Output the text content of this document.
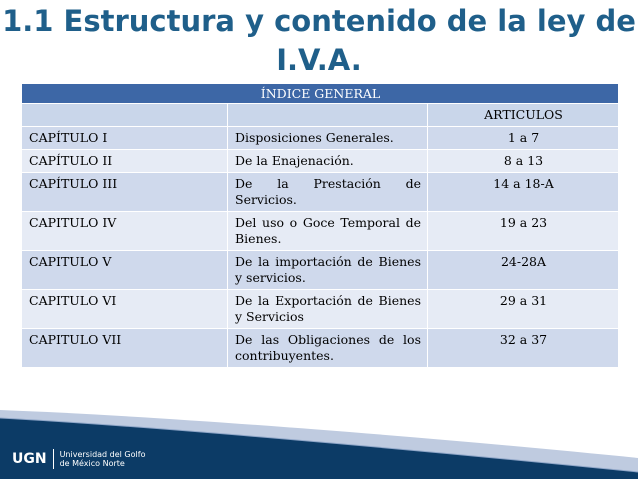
1.1 Estructura y contenido de la ley de
I.V.A.
ÍNDICE GENERAL		
		ARTICULOS
CAPÍTULO I	Disposiciones Generales.	1 a 7
CAPÍTULO II	De la Enajenación.	8 a 13
CAPÍTULO III	De la Prestación de Servicios.	14 a 18-A
CAPITULO IV	Del uso o Goce Temporal de Bienes.	19 a 23
CAPITULO V	De la importación de Bienes y servicios.	24-28A
CAPITULO VI	De la Exportación de Bienes y Servicios	29 a 31
CAPITULO VII	De las Obligaciones de los contribuyentes.	32 a 37
UGN Universidad del Golfo
de México Norte
